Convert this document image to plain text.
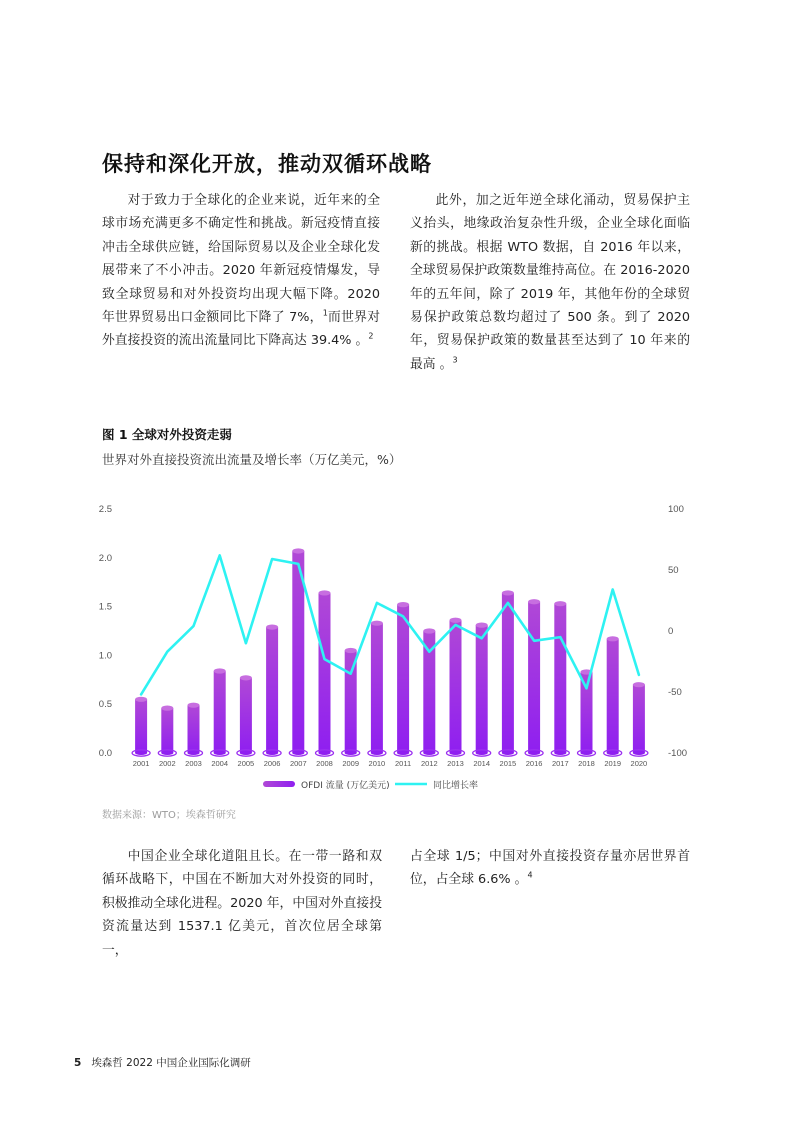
保持和深化开放，推动双循环战略

对于致力于全球化的企业来说，近年来的全球市场充满更多不确定性和挑战。新冠疫情直接冲击全球供应链，给国际贸易以及企业全球化发展带来了不小冲击。2020 年新冠疫情爆发，导致全球贸易和对外投资均出现大幅下降。2020 年世界贸易出口金额同比下降了 7%，$^1$而世界对外直接投资的流出流量同比下降高达 39.4% 。$^2$

此外，加之近年逆全球化涌动，贸易保护主义抬头，地缘政治复杂性升级，企业全球化面临新的挑战。根据 WTO 数据，自 2016 年以来，全球贸易保护政策数量维持高位。在 2016-2020 年的五年间，除了 2019 年，其他年份的全球贸易保护政策总数均超过了 500 条。到了 2020 年，贸易保护政策的数量甚至达到了 10 年来的最高 。$^3$

图 1 全球对外投资走弱

世界对外直接投资流出流量及增长率（万亿美元，%）

0.0
0.5
1.0
1.5
2.0
2.5
-100
-50
0
50
100
2001 2002 2003 2004 2005 2006 2007 2008 2009 2010 2011 2012 2013 2014 2015 2016 2017 2018 2019 2020
OFDI 流量 (万亿美元)	同比增长率

数据来源：WTO；埃森哲研究

中国企业全球化道阻且长。在一带一路和双循环战略下，中国在不断加大对外投资的同时，积极推动全球化进程。2020 年，中国对外直接投资流量达到 1537.1 亿美元，首次位居全球第一，

占全球 1/5；中国对外直接投资存量亦居世界首位，占全球 6.6% 。$^4$

5 埃森哲 2022 中国企业国际化调研
